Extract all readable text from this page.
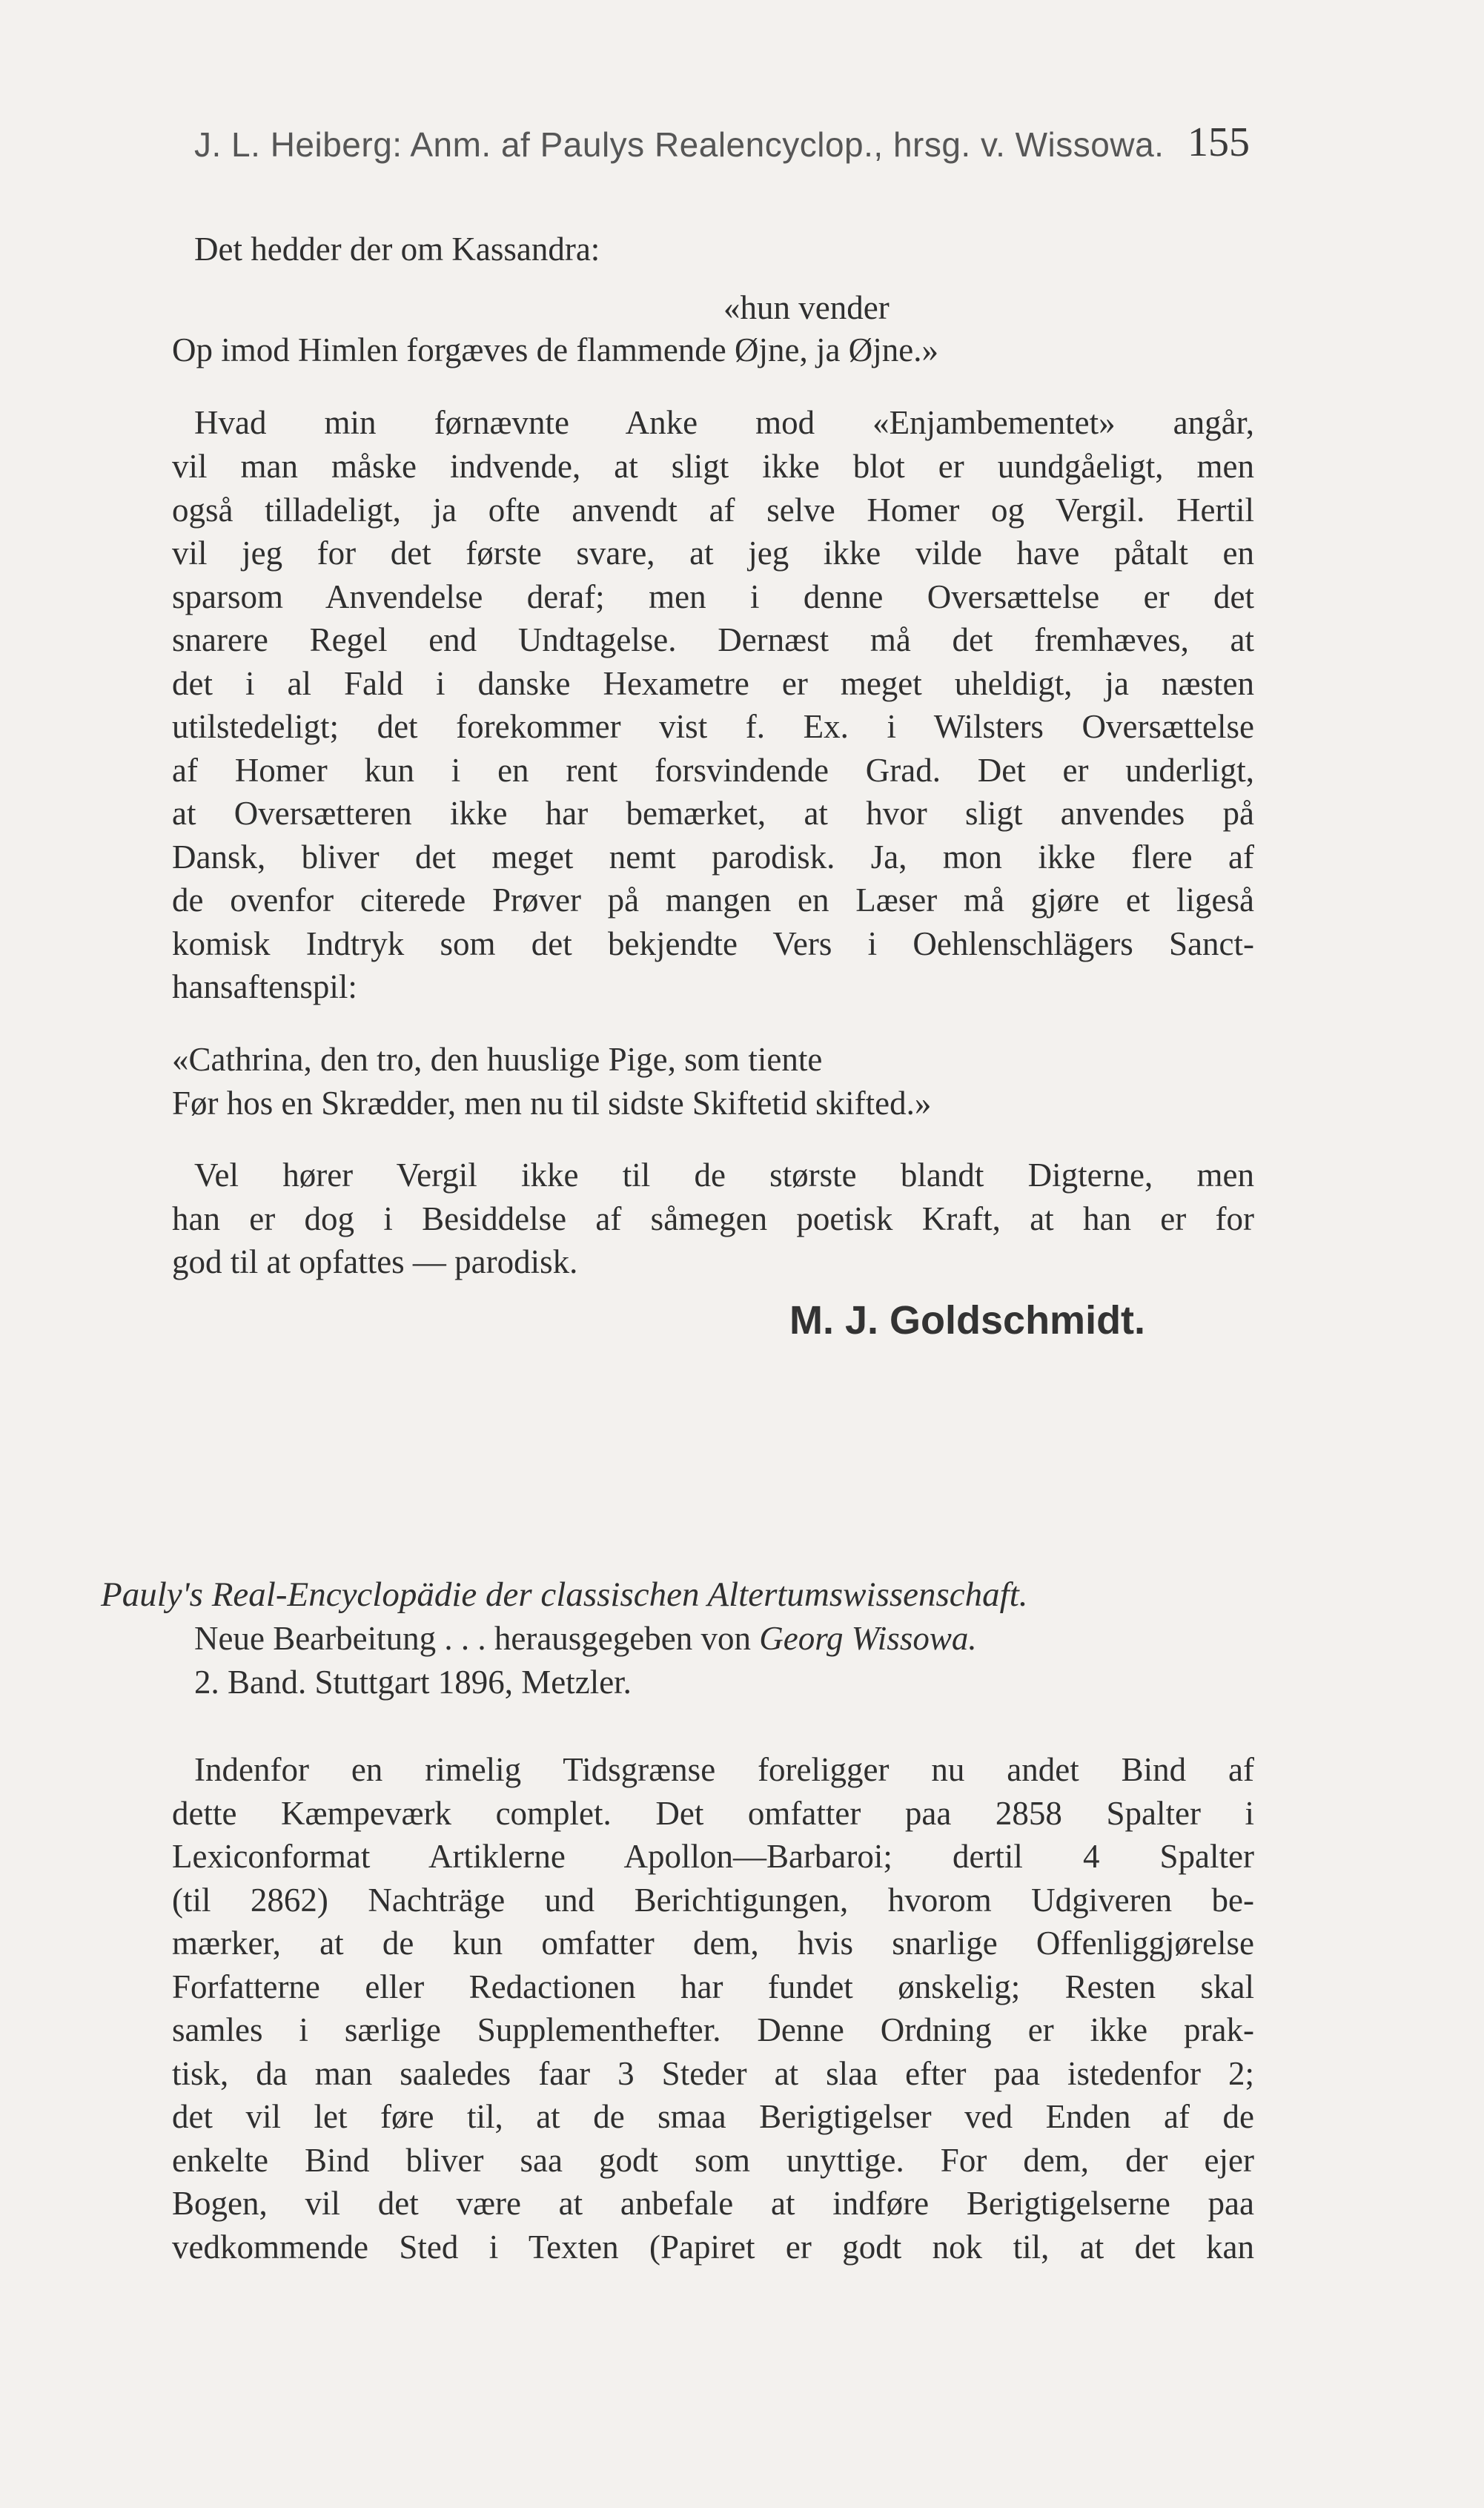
J. L. Heiberg: Anm. af Paulys Realencyclop., hrsg. v. Wissowa. 155
Det hedder der om Kassandra:
«hun vender
Op imod Himlen forgæves de flammende Øjne, ja Øjne.»
Hvad min førnævnte Anke mod «Enjambementet» angår,
vil man måske indvende, at sligt ikke blot er uundgåeligt, men
også tilladeligt, ja ofte anvendt af selve Homer og Vergil. Hertil
vil jeg for det første svare, at jeg ikke vilde have påtalt en
sparsom Anvendelse deraf; men i denne Oversættelse er det
snarere Regel end Undtagelse. Dernæst må det fremhæves, at
det i al Fald i danske Hexametre er meget uheldigt, ja næsten
utilstedeligt; det forekommer vist f. Ex. i Wilsters Oversættelse
af Homer kun i en rent forsvindende Grad. Det er underligt,
at Oversætteren ikke har bemærket, at hvor sligt anvendes på
Dansk, bliver det meget nemt parodisk. Ja, mon ikke flere af
de ovenfor citerede Prøver på mangen en Læser må gjøre et ligeså
komisk Indtryk som det bekjendte Vers i Oehlenschlägers Sanct-
hansaftenspil:
«Cathrina, den tro, den huuslige Pige, som tiente
Før hos en Skrædder, men nu til sidste Skiftetid skifted.»
Vel hører Vergil ikke til de største blandt Digterne, men
han er dog i Besiddelse af såmegen poetisk Kraft, at han er for
god til at opfattes — parodisk.
M. J. Goldschmidt.
Pauly's Real-Encyclopädie der classischen Altertumswissenschaft.
Neue Bearbeitung . . . herausgegeben von Georg Wissowa.
2. Band. Stuttgart 1896, Metzler.
Indenfor en rimelig Tidsgrænse foreligger nu andet Bind af
dette Kæmpeværk complet. Det omfatter paa 2858 Spalter i
Lexiconformat Artiklerne Apollon—Barbaroi; dertil 4 Spalter
(til 2862) Nachträge und Berichtigungen, hvorom Udgiveren be-
mærker, at de kun omfatter dem, hvis snarlige Offenliggjørelse
Forfatterne eller Redactionen har fundet ønskelig; Resten skal
samles i særlige Supplementhefter. Denne Ordning er ikke prak-
tisk, da man saaledes faar 3 Steder at slaa efter paa istedenfor 2;
det vil let føre til, at de smaa Berigtigelser ved Enden af de
enkelte Bind bliver saa godt som unyttige. For dem, der ejer
Bogen, vil det være at anbefale at indføre Berigtigelserne paa
vedkommende Sted i Texten (Papiret er godt nok til, at det kan
